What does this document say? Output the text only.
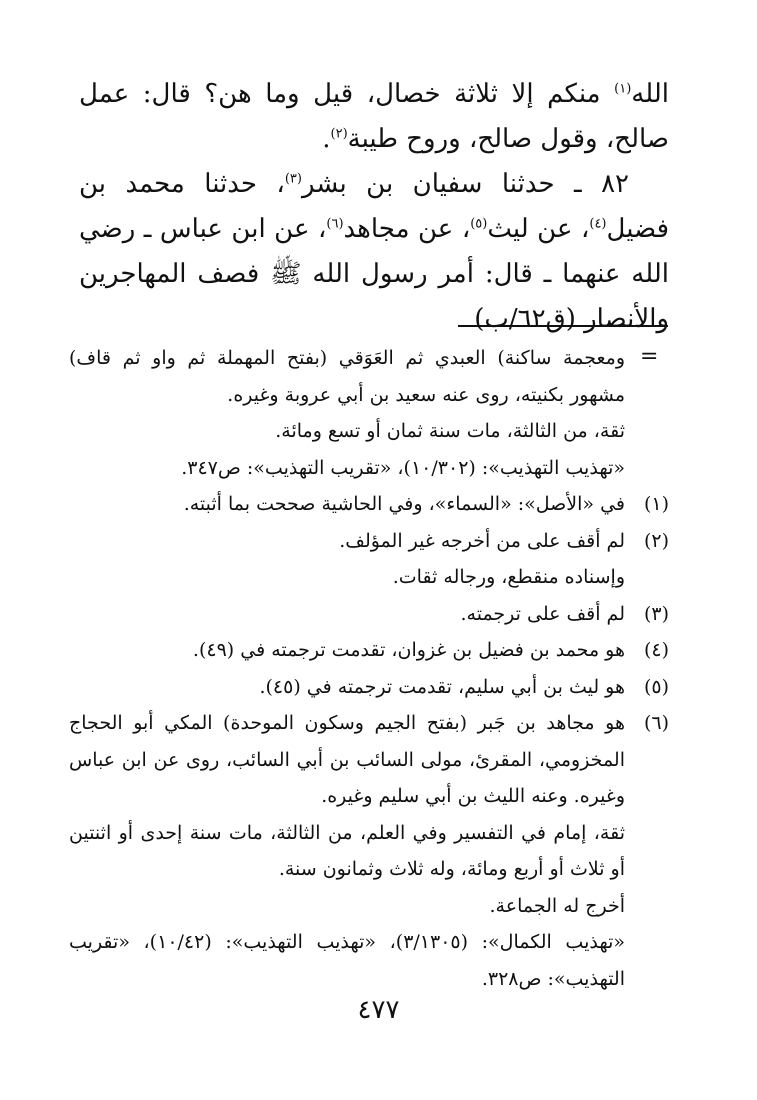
الله$^{(١)}$ منكم إلا ثلاثة خصال، قيل وما هن؟ قال: عمل صالح، وقول صالح، وروح طيبة$^{(٢)}$.

٨٢ ـ حدثنا سفيان بن بشر$^{(٣)}$، حدثنا محمد بن فضيل$^{(٤)}$، عن ليث$^{(٥)}$، عن مجاهد$^{(٦)}$، عن ابن عباس ـ رضي الله عنهما ـ قال: أمر رسول الله ﷺ فصف المهاجرين والأنصار (ق٦٢/ب)

=

ومعجمة ساكنة) العبدي ثم العَوَقي (بفتح المهملة ثم واو ثم قاف) مشهور بكنيته، روى عنه سعيد بن أبي عروبة وغيره.

ثقة، من الثالثة، مات سنة ثمان أو تسع ومائة.

«تهذيب التهذيب»: (١٠/٣٠٢)، «تقريب التهذيب»: ص٣٤٧.

(١)

في «الأصل»: «السماء»، وفي الحاشية صححت بما أثبته.

(٢)

لم أقف على من أخرجه غير المؤلف.

وإسناده منقطع، ورجاله ثقات.

(٣)

لم أقف على ترجمته.

(٤)

هو محمد بن فضيل بن غزوان، تقدمت ترجمته في (٤٩).

(٥)

هو ليث بن أبي سليم، تقدمت ترجمته في (٤٥).

(٦)

هو مجاهد بن جَبر (بفتح الجيم وسكون الموحدة) المكي أبو الحجاج المخزومي، المقرئ، مولى السائب بن أبي السائب، روى عن ابن عباس وغيره. وعنه الليث بن أبي سليم وغيره.

ثقة، إمام في التفسير وفي العلم، من الثالثة، مات سنة إحدى أو اثنتين أو ثلاث أو أربع ومائة، وله ثلاث وثمانون سنة.

أخرج له الجماعة.

«تهذيب الكمال»: (٣/١٣٠٥)، «تهذيب التهذيب»: (١٠/٤٢)، «تقريب التهذيب»: ص٣٢٨.

٤٧٧
